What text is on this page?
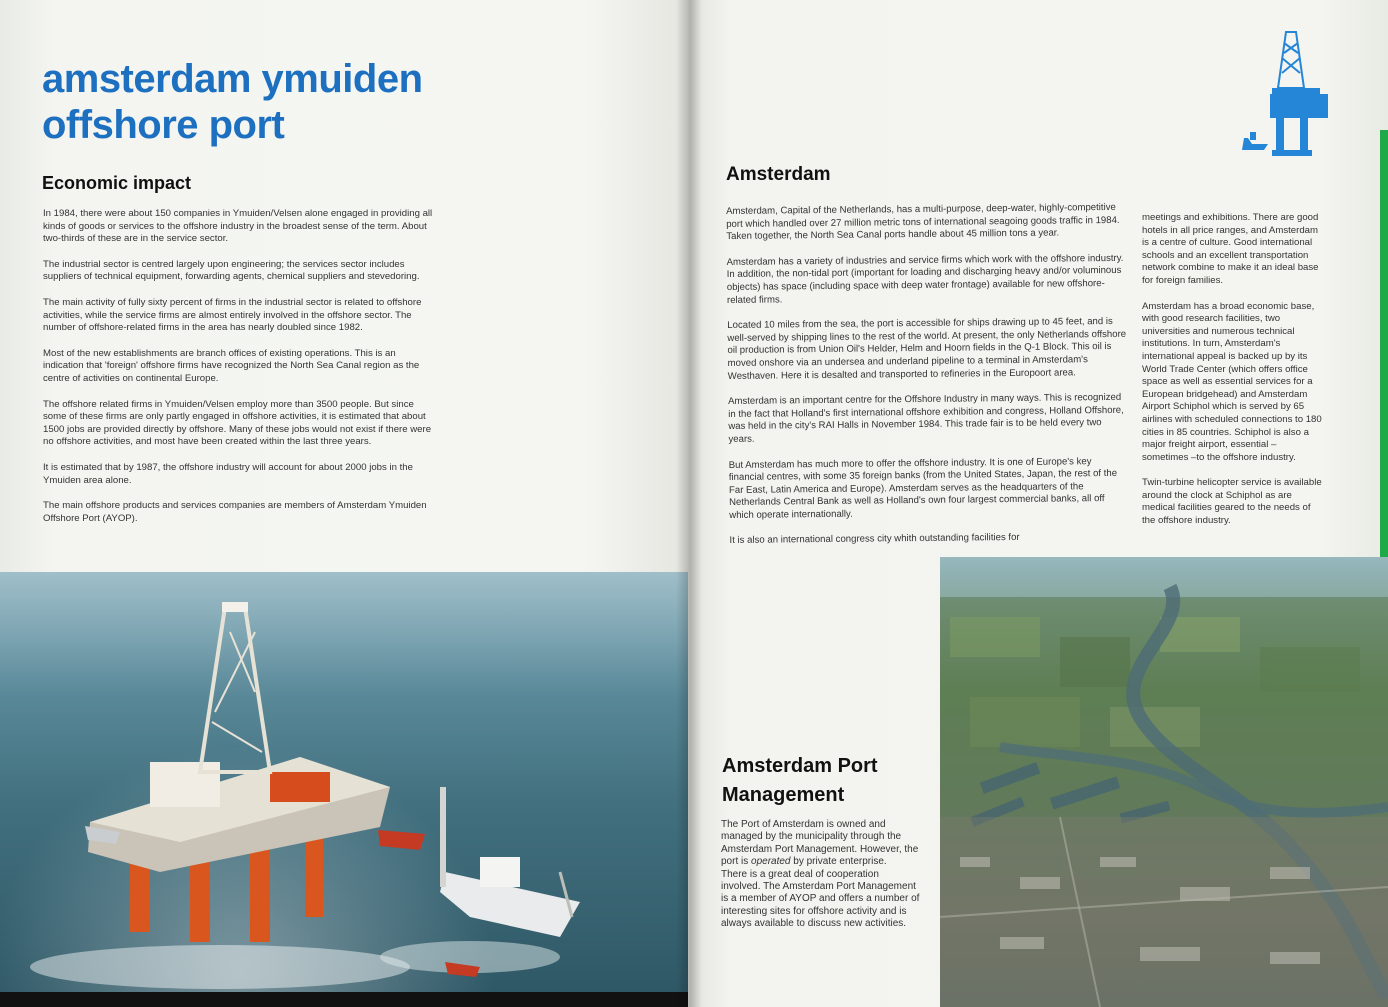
amsterdam ymuiden
offshore port
Economic impact

In 1984, there were about 150 companies in Ymuiden/Velsen alone engaged in providing all kinds of goods or services to the offshore industry in the broadest sense of the term. About two-thirds of these are in the service sector.

The industrial sector is centred largely upon engineering; the services sector includes suppliers of technical equipment, forwarding agents, chemical suppliers and stevedoring.

The main activity of fully sixty percent of firms in the industrial sector is related to offshore activities, while the service firms are almost entirely involved in the offshore sector. The number of offshore-related firms in the area has nearly doubled since 1982.

Most of the new establishments are branch offices of existing operations. This is an indication that 'foreign' offshore firms have recognized the North Sea Canal region as the centre of activities on continental Europe.

The offshore related firms in Ymuiden/Velsen employ more than 3500 people. But since some of these firms are only partly engaged in offshore activities, it is estimated that about 1500 jobs are provided directly by offshore. Many of these jobs would not exist if there were no offshore activities, and most have been created within the last three years.

It is estimated that by 1987, the offshore industry will account for about 2000 jobs in the Ymuiden area alone.

The main offshore products and services companies are members of Amsterdam Ymuiden Offshore Port (AYOP).

Amsterdam

Amsterdam, Capital of the Netherlands, has a multi-purpose, deep-water, highly-competitive port which handled over 27 million metric tons of international seagoing goods traffic in 1984. Taken together, the North Sea Canal ports handle about 45 million tons a year.

Amsterdam has a variety of industries and service firms which work with the offshore industry. In addition, the non-tidal port (important for loading and discharging heavy and/or voluminous objects) has space (including space with deep water frontage) available for new offshore-related firms.

Located 10 miles from the sea, the port is accessible for ships drawing up to 45 feet, and is well-served by shipping lines to the rest of the world. At present, the only Netherlands offshore oil production is from Union Oil's Helder, Helm and Hoorn fields in the Q-1 Block. This oil is moved onshore via an undersea and underland pipeline to a terminal in Amsterdam's Westhaven. Here it is desalted and transported to refineries in the Europoort area.

Amsterdam is an important centre for the Offshore Industry in many ways. This is recognized in the fact that Holland's first international offshore exhibition and congress, Holland Offshore, was held in the city's RAI Halls in November 1984. This trade fair is to be held every two years.

But Amsterdam has much more to offer the offshore industry. It is one of Europe's key financial centres, with some 35 foreign banks (from the United States, Japan, the rest of the Far East, Latin America and Europe). Amsterdam serves as the headquarters of the Netherlands Central Bank as well as Holland's own four largest commercial banks, all off which operate internationally.

It is also an international congress city whith outstanding facilities for

meetings and exhibitions. There are good hotels in all price ranges, and Amsterdam is a centre of culture. Good international schools and an excellent transportation network combine to make it an ideal base for foreign families.

Amsterdam has a broad economic base, with good research facilities, two universities and numerous technical institutions. In turn, Amsterdam's international appeal is backed up by its World Trade Center (which offers office space as well as essential services for a European bridgehead) and Amsterdam Airport Schiphol which is served by 65 airlines with scheduled connections to 180 cities in 85 countries. Schiphol is also a major freight airport, essential – sometimes –to the offshore industry.

Twin-turbine helicopter service is available around the clock at Schiphol as are medical facilities geared to the needs of the offshore industry.

Amsterdam Port Management

The Port of Amsterdam is owned and managed by the municipality through the Amsterdam Port Management. However, the port is operated by private enterprise.

There is a great deal of cooperation involved. The Amsterdam Port Management is a member of AYOP and offers a number of interesting sites for offshore activity and is always available to discuss new activities.
